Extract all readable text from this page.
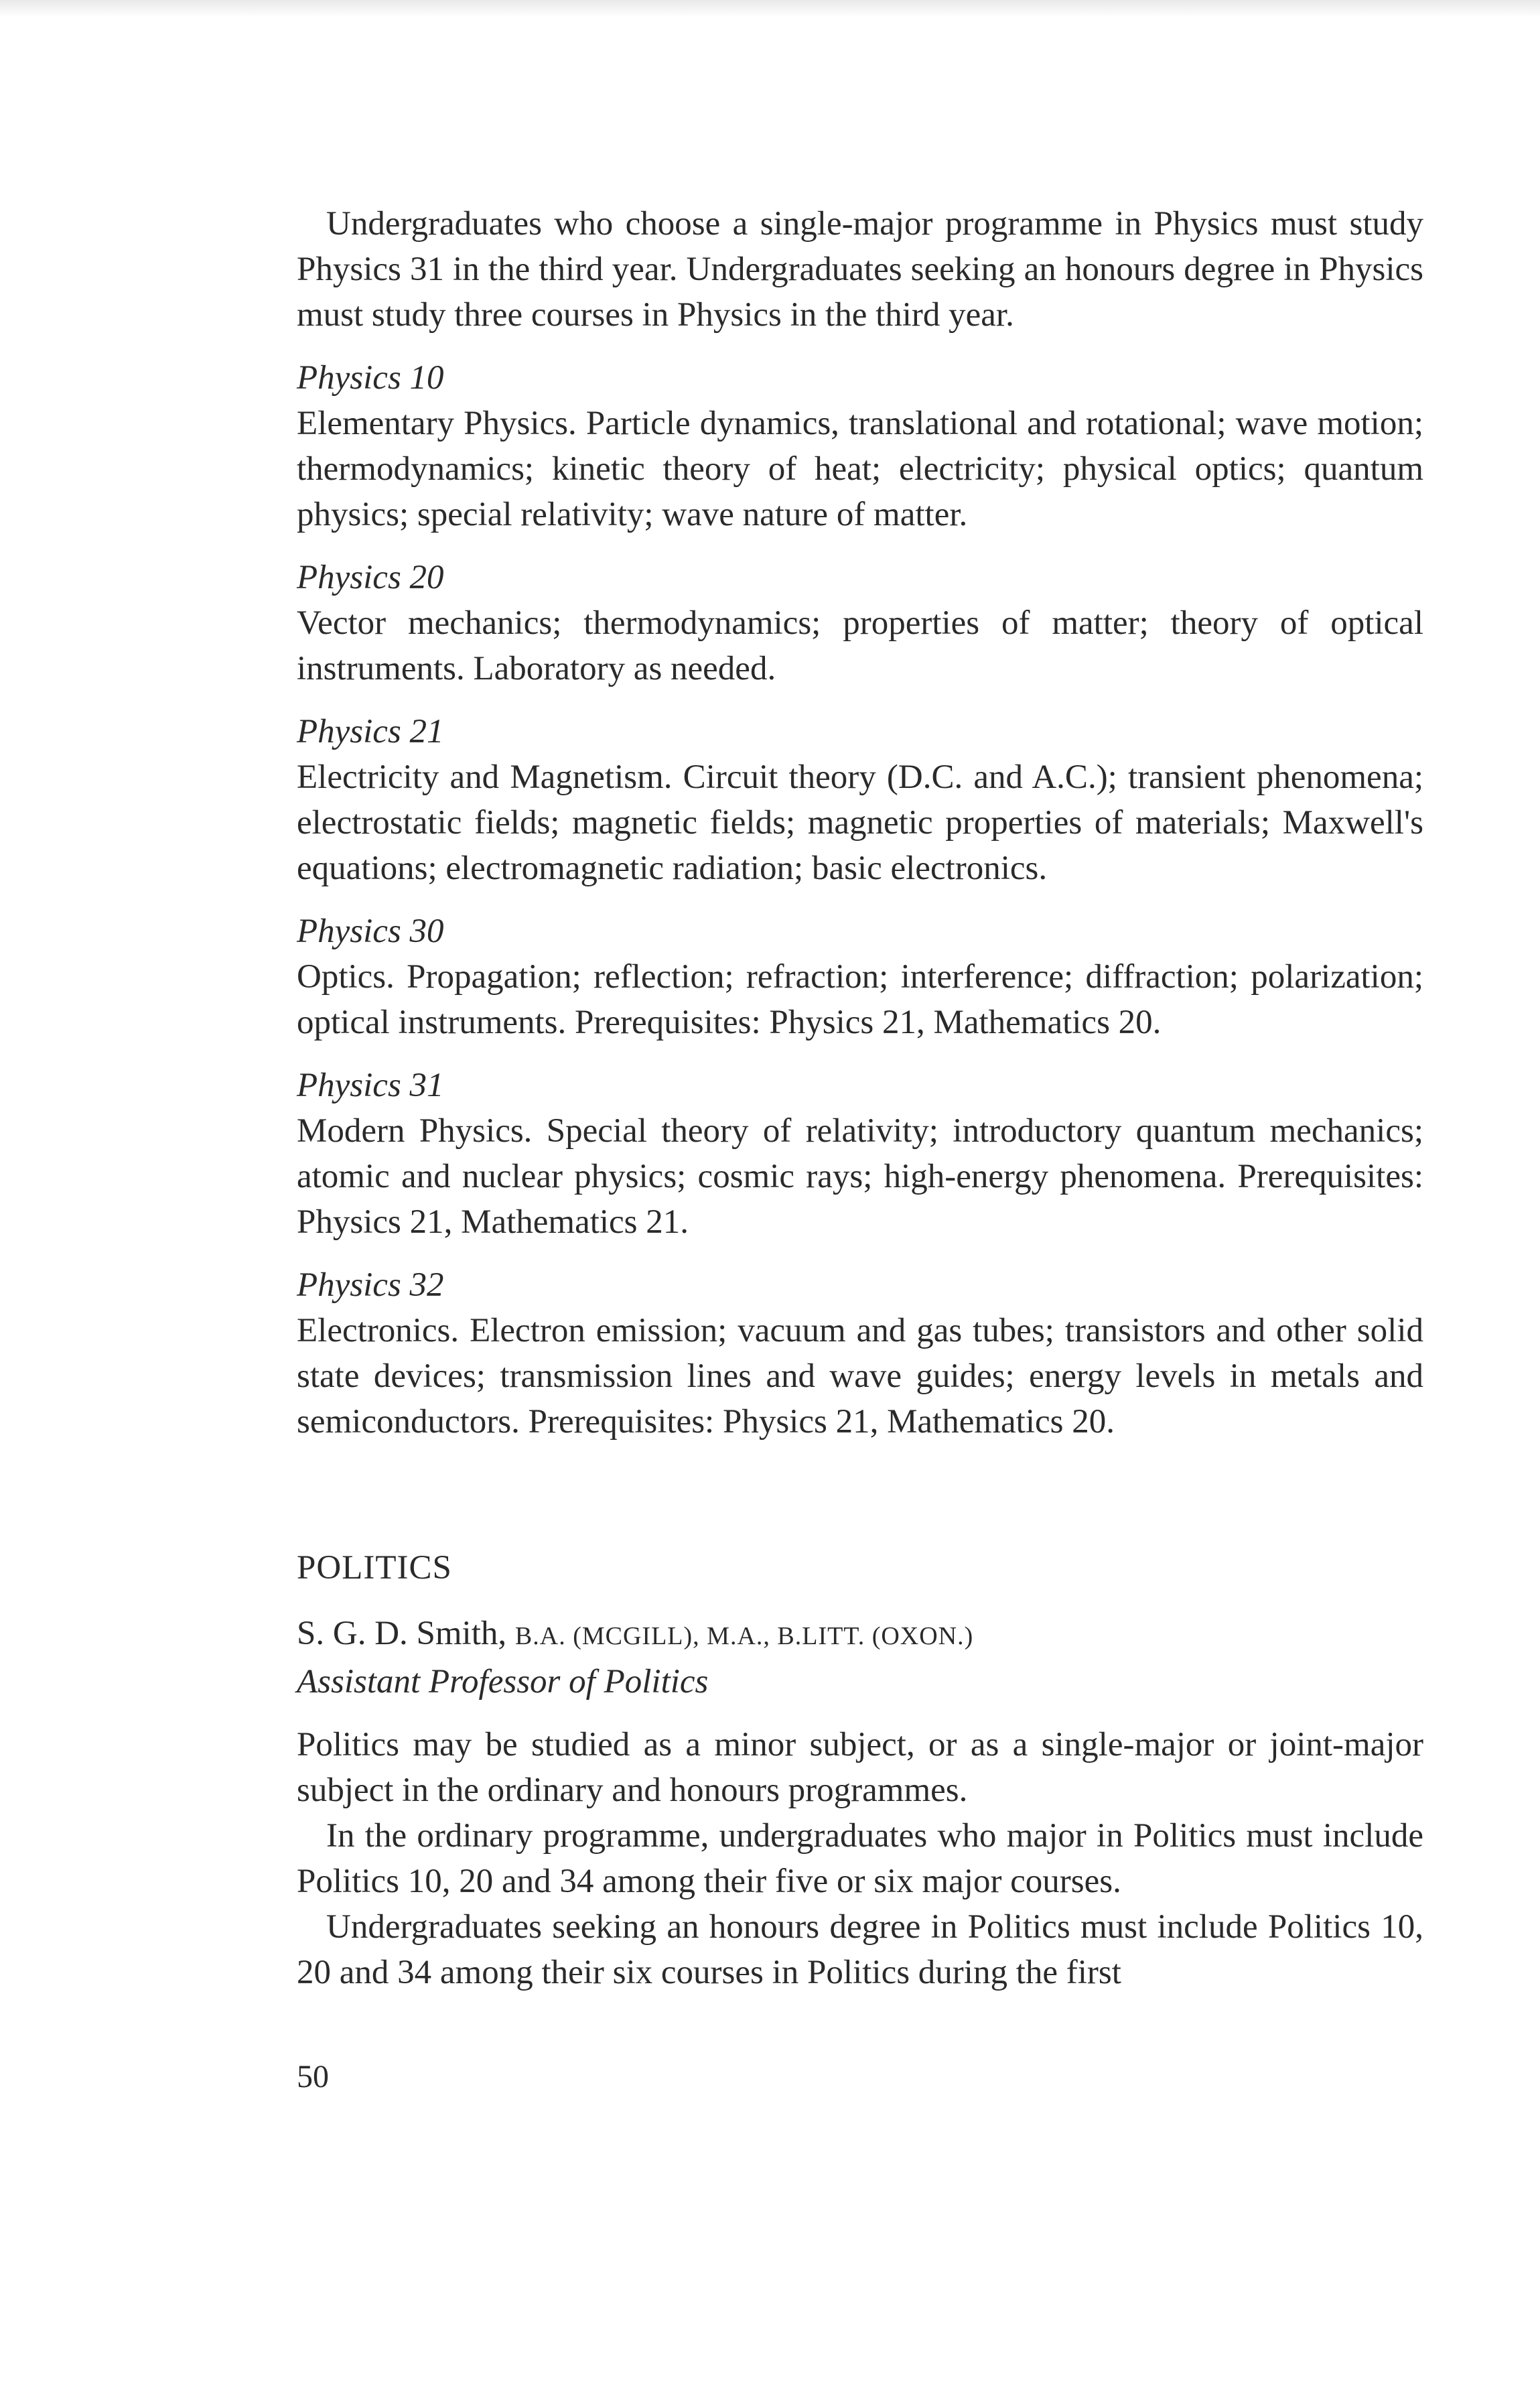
Undergraduates who choose a single-major programme in Physics must study Physics 31 in the third year. Undergraduates seeking an honours degree in Physics must study three courses in Physics in the third year.

Physics 10

Elementary Physics. Particle dynamics, translational and rotational; wave motion; thermodynamics; kinetic theory of heat; electricity; physical optics; quantum physics; special relativity; wave nature of matter.

Physics 20

Vector mechanics; thermodynamics; properties of matter; theory of optical instruments. Laboratory as needed.

Physics 21

Electricity and Magnetism. Circuit theory (D.C. and A.C.); transient phenomena; electrostatic fields; magnetic fields; magnetic properties of materials; Maxwell's equations; electromagnetic radiation; basic electronics.

Physics 30

Optics. Propagation; reflection; refraction; interference; diffraction; polarization; optical instruments. Prerequisites: Physics 21, Mathematics 20.

Physics 31

Modern Physics. Special theory of relativity; introductory quantum mechanics; atomic and nuclear physics; cosmic rays; high-energy phenomena. Prerequisites: Physics 21, Mathematics 21.

Physics 32

Electronics. Electron emission; vacuum and gas tubes; transistors and other solid state devices; transmission lines and wave guides; energy levels in metals and semiconductors. Prerequisites: Physics 21, Mathematics 20.

POLITICS

S. G. D. Smith, B.A. (MCGILL), M.A., B.LITT. (OXON.)

Assistant Professor of Politics

Politics may be studied as a minor subject, or as a single-major or joint-major subject in the ordinary and honours programmes.

In the ordinary programme, undergraduates who major in Politics must include Politics 10, 20 and 34 among their five or six major courses.

Undergraduates seeking an honours degree in Politics must include Politics 10, 20 and 34 among their six courses in Politics during the first

50
